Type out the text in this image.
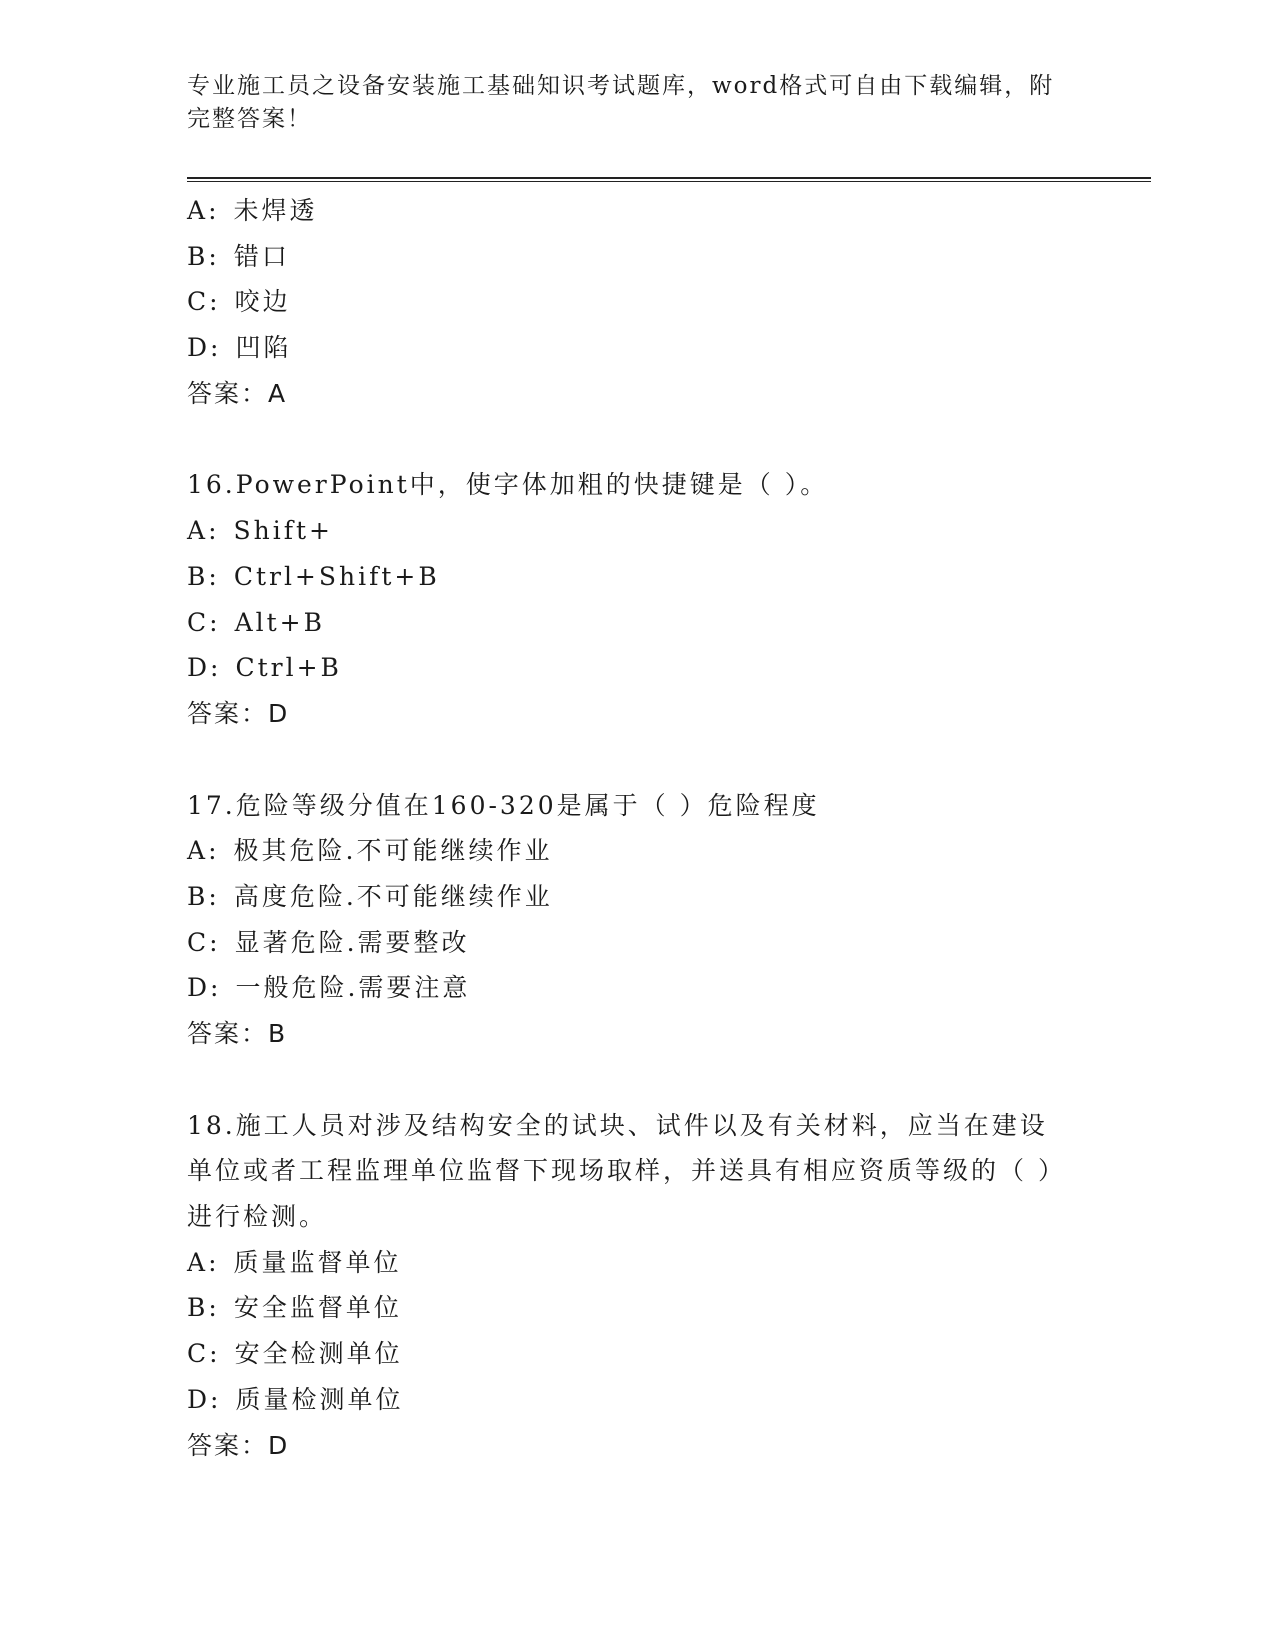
专业施工员之设备安装施工基础知识考试题库，word格式可自由下载编辑，附完整答案！
A: 未焊透
B: 错口
C: 咬边
D: 凹陷
答案：A
16.PowerPoint中，使字体加粗的快捷键是（ ）。
A: Shift+
B: Ctrl+Shift+B
C: Alt+B
D: Ctrl+B
答案：D
17.危险等级分值在160-320是属于（ ）危险程度
A: 极其危险.不可能继续作业
B: 高度危险.不可能继续作业
C: 显著危险.需要整改
D: 一般危险.需要注意
答案：B
18.施工人员对涉及结构安全的试块、试件以及有关材料，应当在建设单位或者工程监理单位监督下现场取样，并送具有相应资质等级的（ ）进行检测。
A: 质量监督单位
B: 安全监督单位
C: 安全检测单位
D: 质量检测单位
答案：D
